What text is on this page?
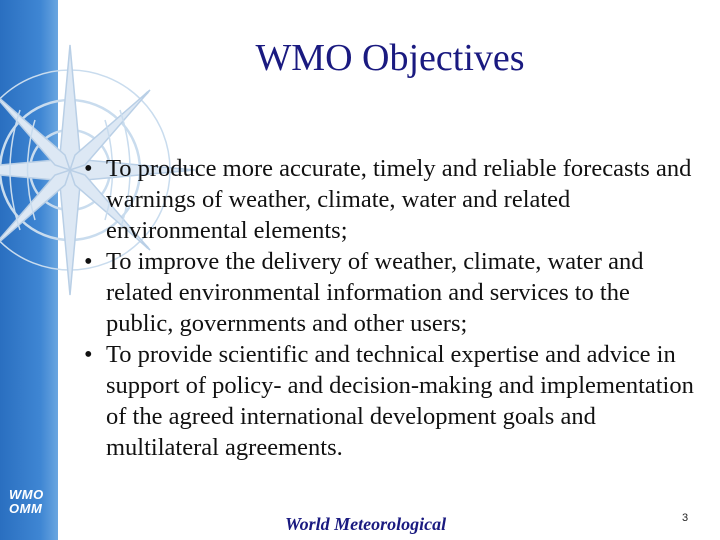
WMO
OMM
WMO Objectives
• To produce more accurate, timely and reliable forecasts and warnings of weather, climate, water and related environmental elements;
• To improve the delivery of weather, climate, water and related environmental information and services to the public, governments and other users;
• To provide scientific and technical expertise and advice in support of policy- and decision-making and implementation of the agreed international development goals and multilateral agreements.
World Meteorological	3
